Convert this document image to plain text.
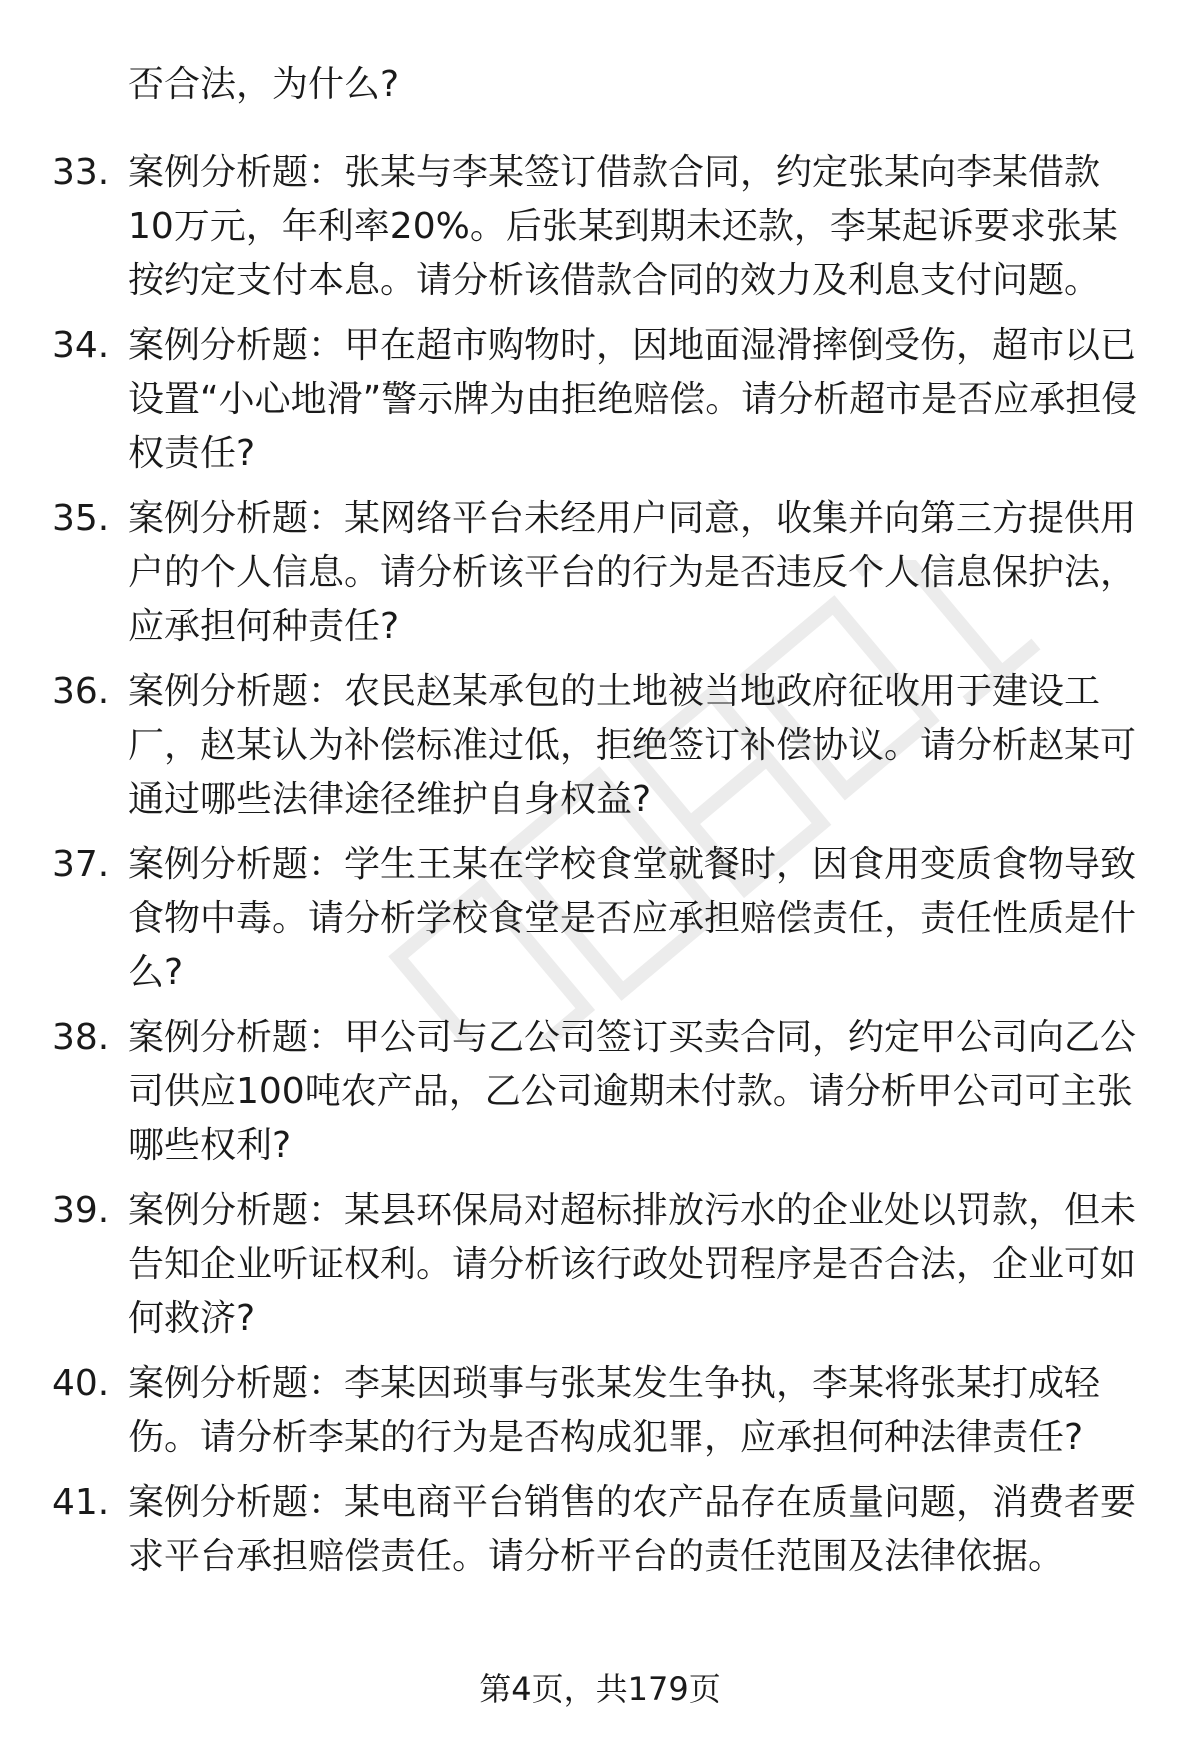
否合法，为什么?

33. 案例分析题：张某与李某签订借款合同，约定张某向李某借款10万元，年利率20%。后张某到期未还款，李某起诉要求张某按约定支付本息。请分析该借款合同的效力及利息支付问题。
34. 案例分析题：甲在超市购物时，因地面湿滑摔倒受伤，超市以已设置“小心地滑”警示牌为由拒绝赔偿。请分析超市是否应承担侵权责任?
35. 案例分析题：某网络平台未经用户同意，收集并向第三方提供用户的个人信息。请分析该平台的行为是否违反个人信息保护法，应承担何种责任?
36. 案例分析题：农民赵某承包的土地被当地政府征收用于建设工厂，赵某认为补偿标准过低，拒绝签订补偿协议。请分析赵某可通过哪些法律途径维护自身权益?
37. 案例分析题：学生王某在学校食堂就餐时，因食用变质食物导致食物中毒。请分析学校食堂是否应承担赔偿责任，责任性质是什么?
38. 案例分析题：甲公司与乙公司签订买卖合同，约定甲公司向乙公司供应100吨农产品，乙公司逾期未付款。请分析甲公司可主张哪些权利?
39. 案例分析题：某县环保局对超标排放污水的企业处以罚款，但未告知企业听证权利。请分析该行政处罚程序是否合法，企业可如何救济?
40. 案例分析题：李某因琐事与张某发生争执，李某将张某打成轻伤。请分析李某的行为是否构成犯罪，应承担何种法律责任?
41. 案例分析题：某电商平台销售的农产品存在质量问题，消费者要求平台承担赔偿责任。请分析平台的责任范围及法律依据。

第4页，共179页
